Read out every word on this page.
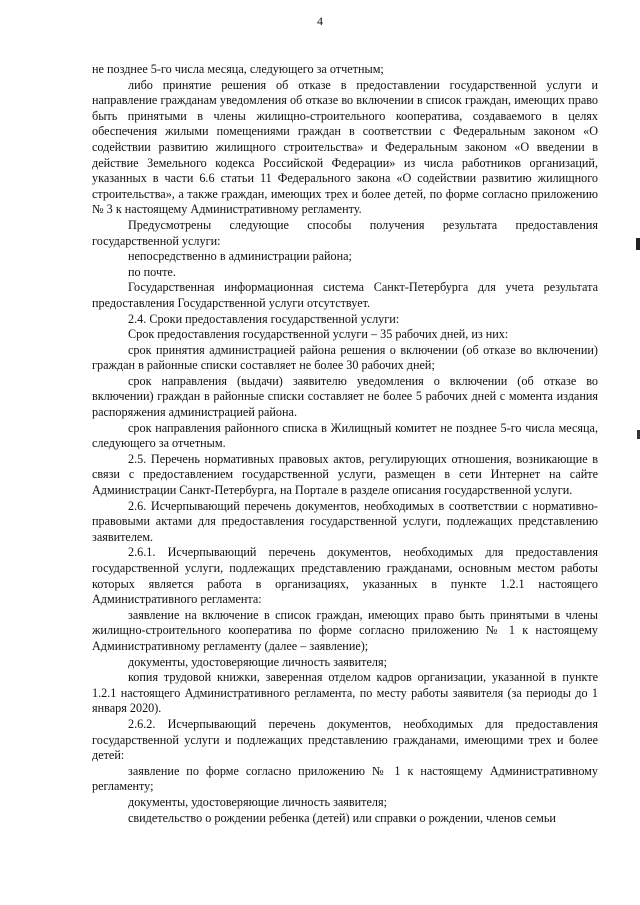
4

не позднее 5-го числа месяца, следующего за отчетным;

либо принятие решения об отказе в предоставлении государственной услуги и направление гражданам уведомления об отказе во включении в список граждан, имеющих право быть принятыми в члены жилищно-строительного кооператива, создаваемого в целях обеспечения жилыми помещениями граждан в соответствии с Федеральным законом «О содействии развитию жилищного строительства» и Федеральным законом «О введении в действие Земельного кодекса Российской Федерации» из числа работников организаций, указанных в части 6.6 статьи 11 Федерального закона «О содействии развитию жилищного строительства», а также граждан, имеющих трех и более детей, по форме согласно приложению № 3 к настоящему Административному регламенту.

Предусмотрены следующие способы получения результата предоставления государственной услуги:

непосредственно в администрации района;

по почте.

Государственная информационная система Санкт-Петербурга для учета результата предоставления Государственной услуги отсутствует.

2.4. Сроки предоставления государственной услуги:

Срок предоставления государственной услуги – 35 рабочих дней, из них:

срок принятия администрацией района решения о включении (об отказе во включении) граждан в районные списки составляет не более 30 рабочих дней;

срок направления (выдачи) заявителю уведомления о включении (об отказе во включении) граждан в районные списки составляет не более 5 рабочих дней с момента издания распоряжения администрацией района.

срок направления районного списка в Жилищный комитет не позднее 5-го числа месяца, следующего за отчетным.

2.5. Перечень нормативных правовых актов, регулирующих отношения, возникающие в связи с предоставлением государственной услуги, размещен в сети Интернет на сайте Администрации Санкт-Петербурга, на Портале в разделе описания государственной услуги.

2.6. Исчерпывающий перечень документов, необходимых в соответствии с нормативно-правовыми актами для предоставления государственной услуги, подлежащих представлению заявителем.

2.6.1. Исчерпывающий перечень документов, необходимых для предоставления государственной услуги, подлежащих представлению гражданами, основным местом работы которых является работа в организациях, указанных в пункте 1.2.1 настоящего Административного регламента:

заявление на включение в список граждан, имеющих право быть принятыми в члены жилищно-строительного кооператива по форме согласно приложению № 1 к настоящему Административному регламенту (далее – заявление);

документы, удостоверяющие личность заявителя;

копия трудовой книжки, заверенная отделом кадров организации, указанной в пункте 1.2.1 настоящего Административного регламента, по месту работы заявителя (за периоды до 1 января 2020).

2.6.2. Исчерпывающий перечень документов, необходимых для предоставления государственной услуги и подлежащих представлению гражданами, имеющими трех и более детей:

заявление по форме согласно приложению № 1 к настоящему Административному регламенту;

документы, удостоверяющие личность заявителя;

свидетельство о рождении ребенка (детей) или справки о рождении, членов семьи
